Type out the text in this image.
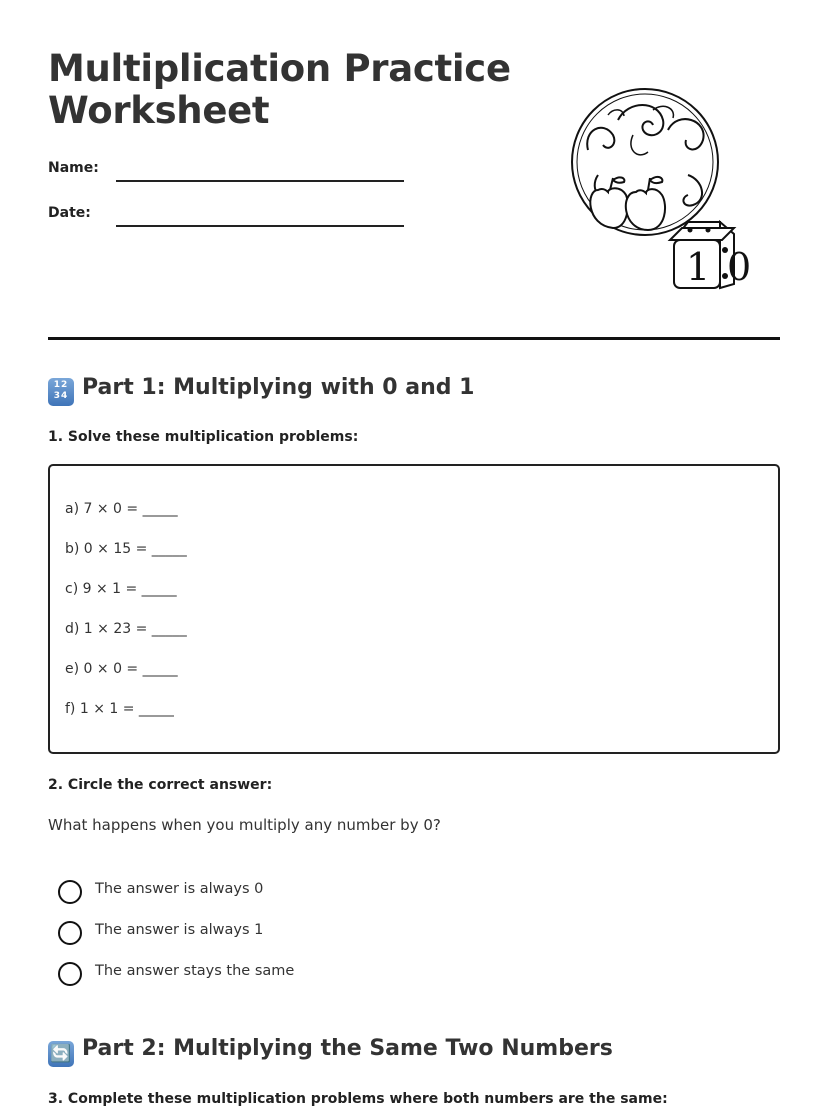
Multiplication Practice Worksheet
Name:
Date:
1 0
12
34 Part 1: Multiplying with 0 and 1
1. Solve these multiplication problems:
a) 7 × 0 = _____
b) 0 × 15 = _____
c) 9 × 1 = _____
d) 1 × 23 = _____
e) 0 × 0 = _____
f) 1 × 1 = _____
2. Circle the correct answer:
What happens when you multiply any number by 0?
The answer is always 0
The answer is always 1
The answer stays the same
🔄 Part 2: Multiplying the Same Two Numbers
3. Complete these multiplication problems where both numbers are the same:
